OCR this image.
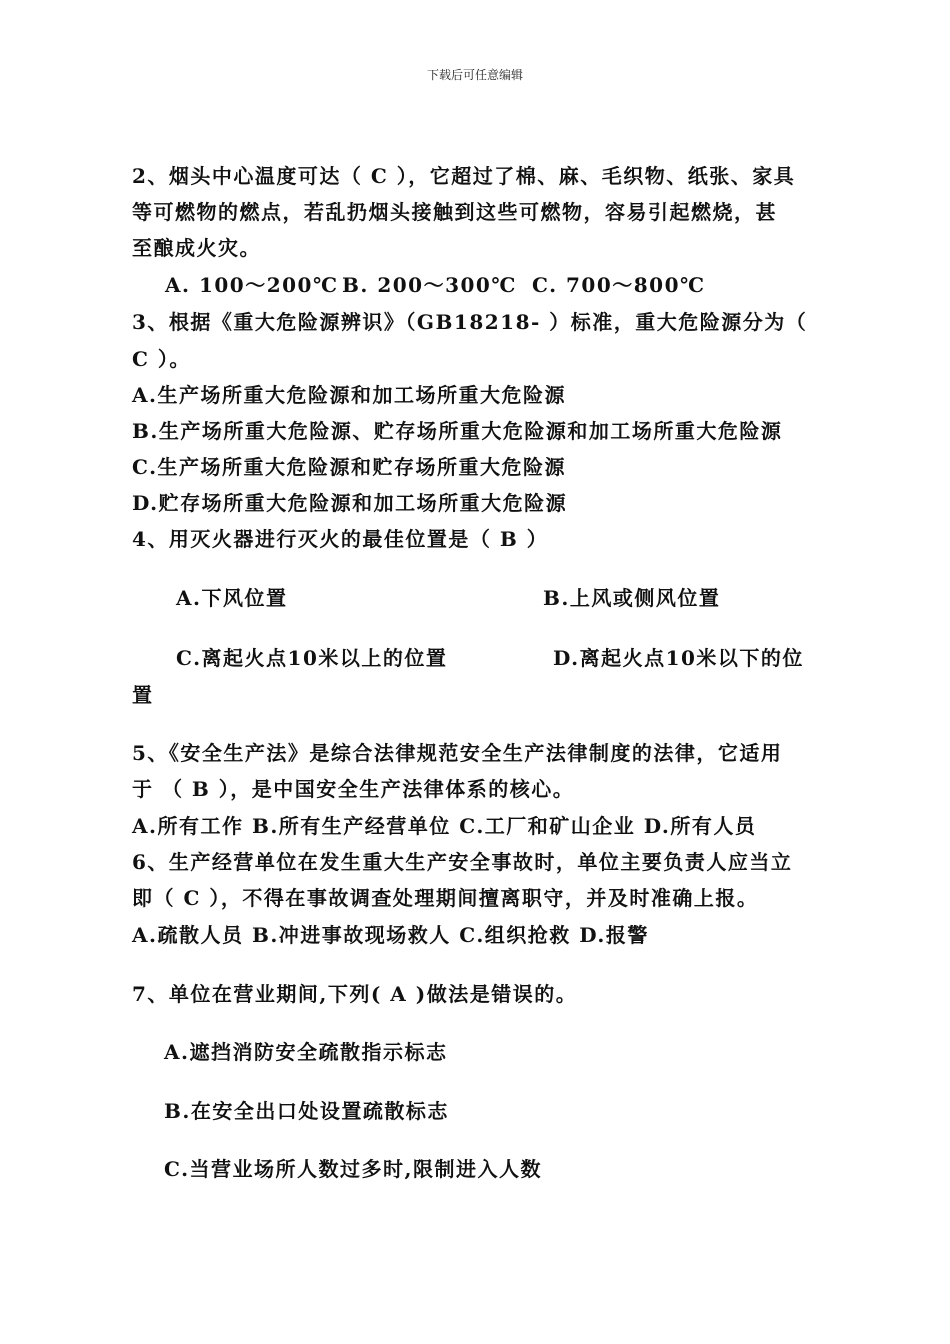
下载后可任意编辑
2、烟头中心温度可达（ C ），它超过了棉、麻、毛织物、纸张、家具
等可燃物的燃点，若乱扔烟头接触到这些可燃物，容易引起燃烧，甚
至酿成火灾。
A. 100～200℃ B. 200～300℃ C. 700～800℃
3、根据《重大危险源辨识》（GB18218- ）标准，重大危险源分为（
C ）。
A.生产场所重大危险源和加工场所重大危险源
B.生产场所重大危险源、贮存场所重大危险源和加工场所重大危险源
C.生产场所重大危险源和贮存场所重大危险源
D.贮存场所重大危险源和加工场所重大危险源
4、用灭火器进行灭火的最佳位置是（ B ）
A.下风位置	B.上风或侧风位置
C.离起火点10米以上的位置	D.离起火点10米以下的位
置
5、《安全生产法》是综合法律规范安全生产法律制度的法律，它适用
于 （ B ），是中国安全生产法律体系的核心。
A.所有工作 B.所有生产经营单位 C.工厂和矿山企业 D.所有人员
6、生产经营单位在发生重大生产安全事故时，单位主要负责人应当立
即（ C ），不得在事故调查处理期间擅离职守，并及时准确上报。
A.疏散人员 B.冲进事故现场救人 C.组织抢救 D.报警
7、单位在营业期间,下列( A )做法是错误的。
A.遮挡消防安全疏散指示标志
B.在安全出口处设置疏散标志
C.当营业场所人数过多时,限制进入人数
